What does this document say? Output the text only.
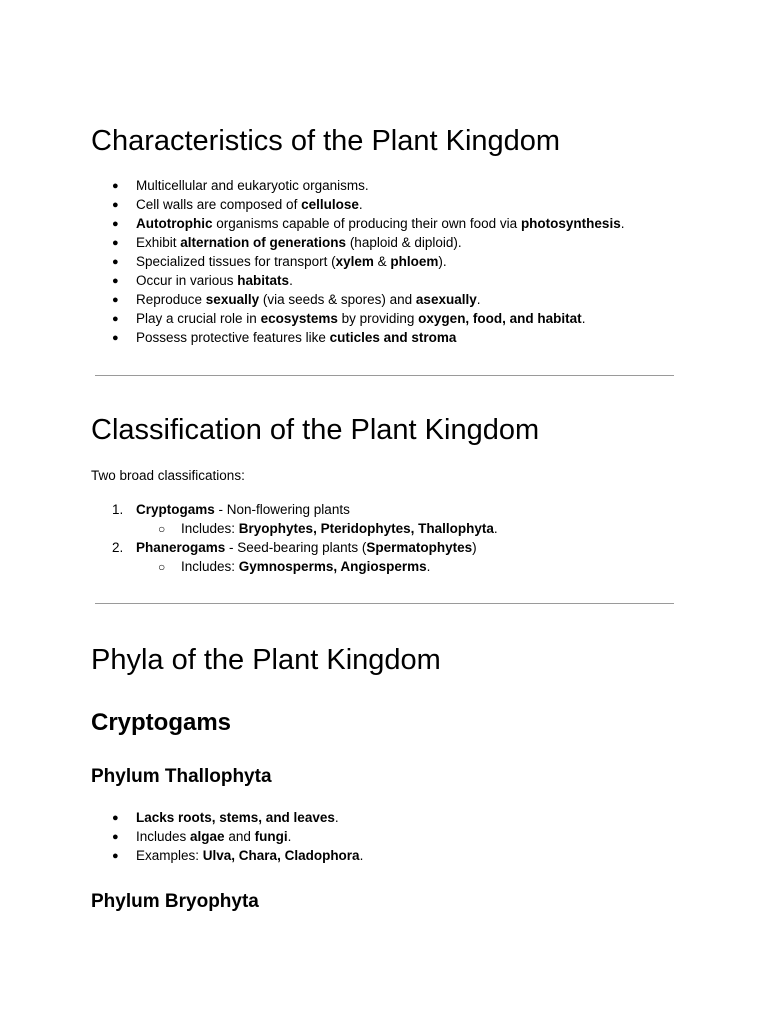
Characteristics of the Plant Kingdom
● Multicellular and eukaryotic organisms.
● Cell walls are composed of cellulose.
● Autotrophic organisms capable of producing their own food via photosynthesis.
● Exhibit alternation of generations (haploid & diploid).
● Specialized tissues for transport (xylem & phloem).
● Occur in various habitats.
● Reproduce sexually (via seeds & spores) and asexually.
● Play a crucial role in ecosystems by providing oxygen, food, and habitat.
● Possess protective features like cuticles and stroma
Classification of the Plant Kingdom
Two broad classifications:
1. Cryptogams - Non-flowering plants
○ Includes: Bryophytes, Pteridophytes, Thallophyta.
2. Phanerogams - Seed-bearing plants (Spermatophytes)
○ Includes: Gymnosperms, Angiosperms.
Phyla of the Plant Kingdom
Cryptogams
Phylum Thallophyta
● Lacks roots, stems, and leaves.
● Includes algae and fungi.
● Examples: Ulva, Chara, Cladophora.
Phylum Bryophyta
